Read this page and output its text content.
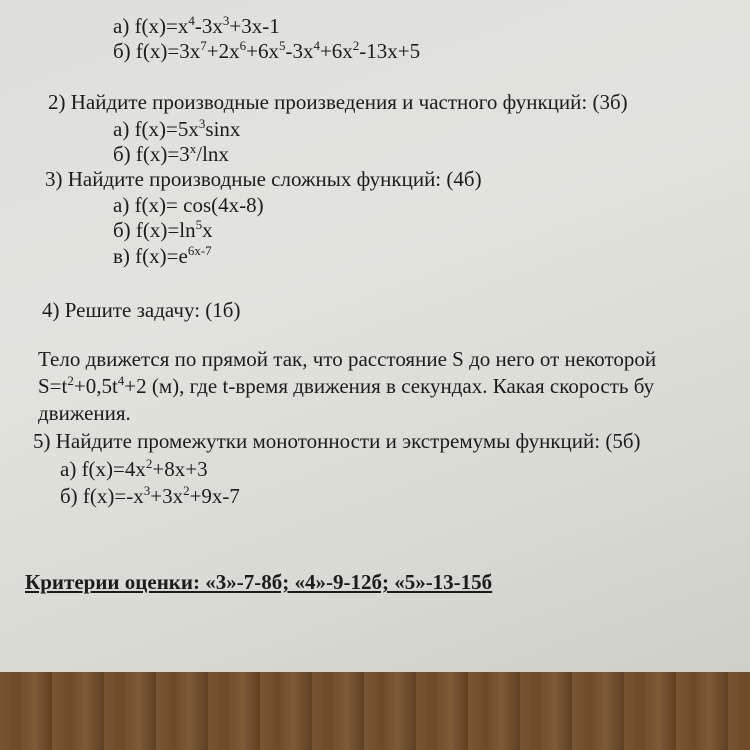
а) $f(x)=x^4-3x^3+3x-1$
б) $f(x)=3x^7+2x^6+6x^5-3x^4+6x^2-13x+5$
2) Найдите производные произведения и частного функций: (3б)
а) $f(x)=5x^3\sin x$
б) $f(x)=3^x$/lnx
3) Найдите производные сложных функций: (4б)
а) f(x)= cos(4x-8)
б) $f(x)=\ln^5x$
в) $f(x)=e^{6x-7}$
4) Решите задачу: (1б)
Тело движется по прямой так, что расстояние S до него от некоторой
$S=t^2+0,5t^4+2$ (м), где t-время движения в секундах. Какая скорость бу
движения.
5) Найдите промежутки монотонности и экстремумы функций: (5б)
а) $f(x)=4x^2+8x+3$
б) $f(x)=-x^3+3x^2+9x-7$
Критерии оценки: «3»-7-8б; «4»-9-12б; «5»-13-15б
